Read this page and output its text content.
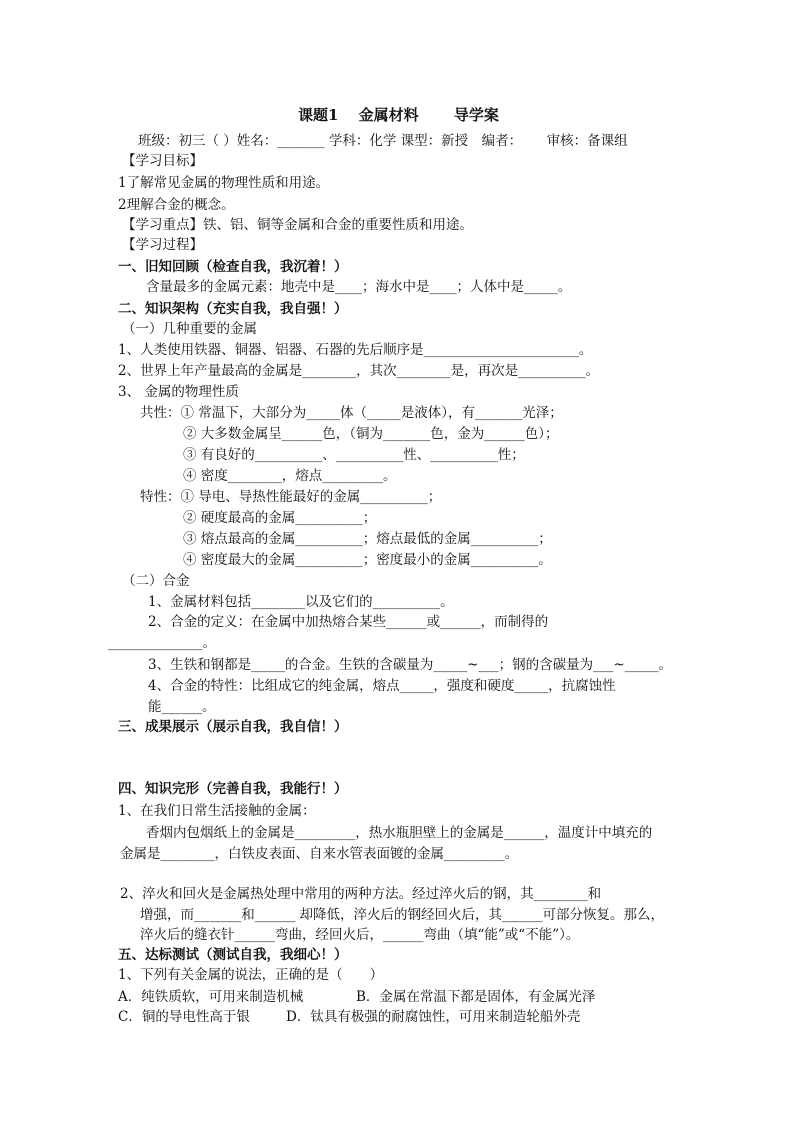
课题1　 金属材料　　 导学案
班级：初三（ ）姓名：_______ 学科：化学 课型：新授　编者：　　 审核：备课组
【学习目标】
1了解常见金属的物理性质和用途。
2理解合金的概念。
【学习重点】铁、铝、铜等金属和合金的重要性质和用途。
【学习过程】
一、旧知回顾（检查自我，我沉着！）
含量最多的金属元素：地壳中是____；海水中是____；人体中是_____。
二、知识架构（充实自我，我自强！）
（一）几种重要的金属
1、人类使用铁器、铜器、铝器、石器的先后顺序是_______________________。
2、世界上年产量最高的金属是________，其次________是，再次是__________。
3、 金属的物理性质
共性：① 常温下，大部分为_____体（_____是液体），有_______光泽；
② 大多数金属呈______色，（铜为_______色，金为______色）；
③ 有良好的__________、__________性、__________性；
④ 密度________，熔点_________。
特性：① 导电、导热性能最好的金属__________；
② 硬度最高的金属__________；
③ 熔点最高的金属__________；熔点最低的金属__________；
④ 密度最大的金属__________；密度最小的金属__________。
（二）合金
1、金属材料包括________以及它们的__________。
2、合金的定义：在金属中加热熔合某些______或______，而制得的
______________。
3、生铁和钢都是_____的合金。生铁的含碳量为_____~___；钢的含碳量为___~_____。
4、合金的特性：比组成它的纯金属，熔点_____，强度和硬度_____，抗腐蚀性
能______。
三、成果展示（展示自我，我自信！）
四、知识完形（完善自我，我能行！）
1、在我们日常生活接触的金属：
香烟内包烟纸上的金属是_________，热水瓶胆壁上的金属是______，温度计中填充的
金属是________，白铁皮表面、自来水管表面镀的金属_________。
2、淬火和回火是金属热处理中常用的两种方法。经过淬火后的钢，其________和
增强，而_______和______ 却降低，淬火后的钢经回火后，其______可部分恢复。那么，
淬火后的缝衣针______弯曲，经回火后，______弯曲（填“能”或“不能”）。
五、达标测试（测试自我，我细心！）
1、下列有关金属的说法，正确的是（　　）
A．纯铁质软，可用来制造机械	B．金属在常温下都是固体，有金属光泽
C．铜的导电性高于银	D．钛具有极强的耐腐蚀性，可用来制造轮船外壳
